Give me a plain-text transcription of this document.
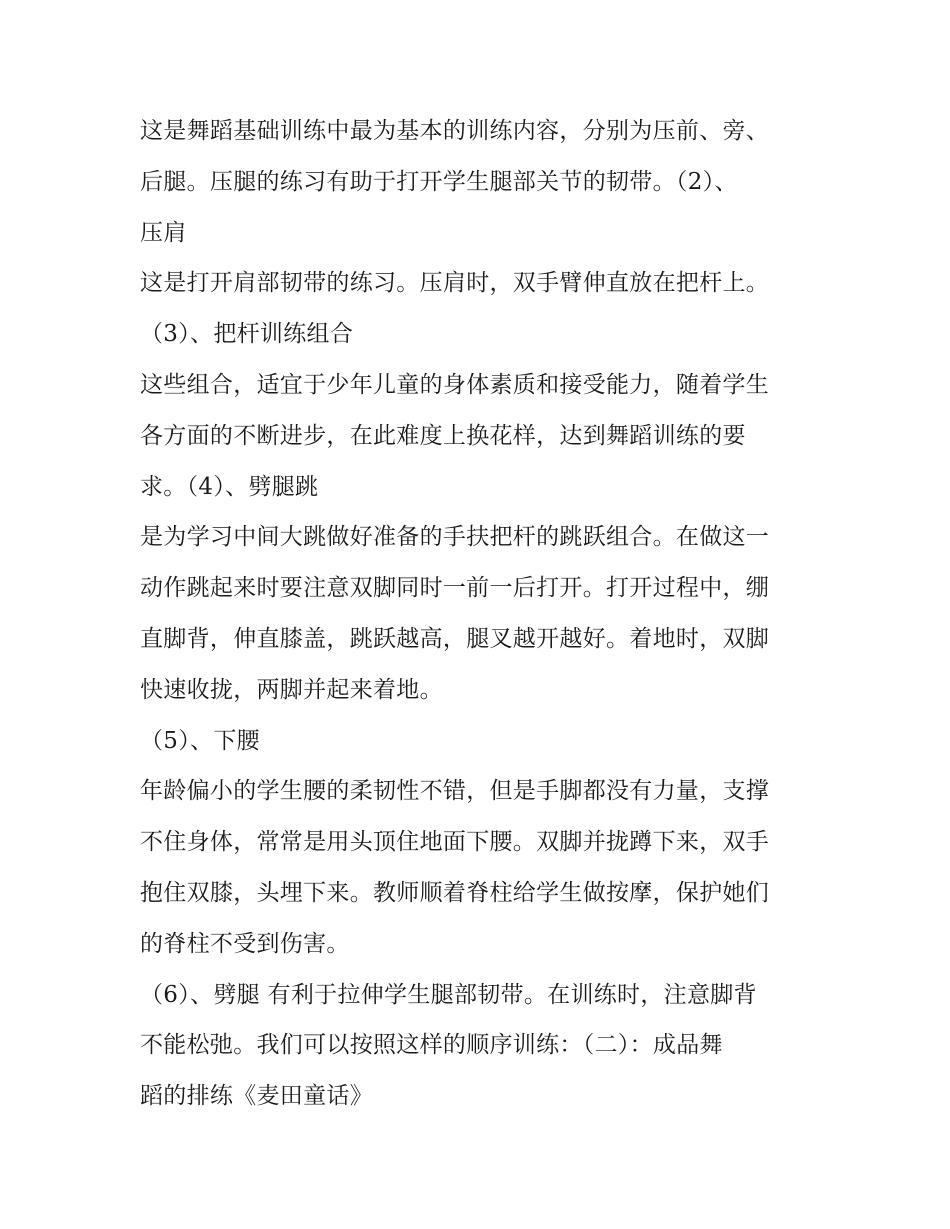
这是舞蹈基础训练中最为基本的训练内容，分别为压前、旁、
后腿。压腿的练习有助于打开学生腿部关节的韧带。（2）、
压肩
这是打开肩部韧带的练习。压肩时，双手臂伸直放在把杆上。
（3）、把杆训练组合
这些组合，适宜于少年儿童的身体素质和接受能力，随着学生
各方面的不断进步，在此难度上换花样，达到舞蹈训练的要
求。（4）、劈腿跳
是为学习中间大跳做好准备的手扶把杆的跳跃组合。在做这一
动作跳起来时要注意双脚同时一前一后打开。打开过程中，绷
直脚背，伸直膝盖，跳跃越高，腿叉越开越好。着地时，双脚
快速收拢，两脚并起来着地。
（5）、下腰
年龄偏小的学生腰的柔韧性不错，但是手脚都没有力量，支撑
不住身体，常常是用头顶住地面下腰。双脚并拢蹲下来，双手
抱住双膝，头埋下来。教师顺着脊柱给学生做按摩，保护她们
的脊柱不受到伤害。
（6）、劈腿 有利于拉伸学生腿部韧带。在训练时，注意脚背
不能松弛。我们可以按照这样的顺序训练：（二）：成品舞
蹈的排练《麦田童话》
